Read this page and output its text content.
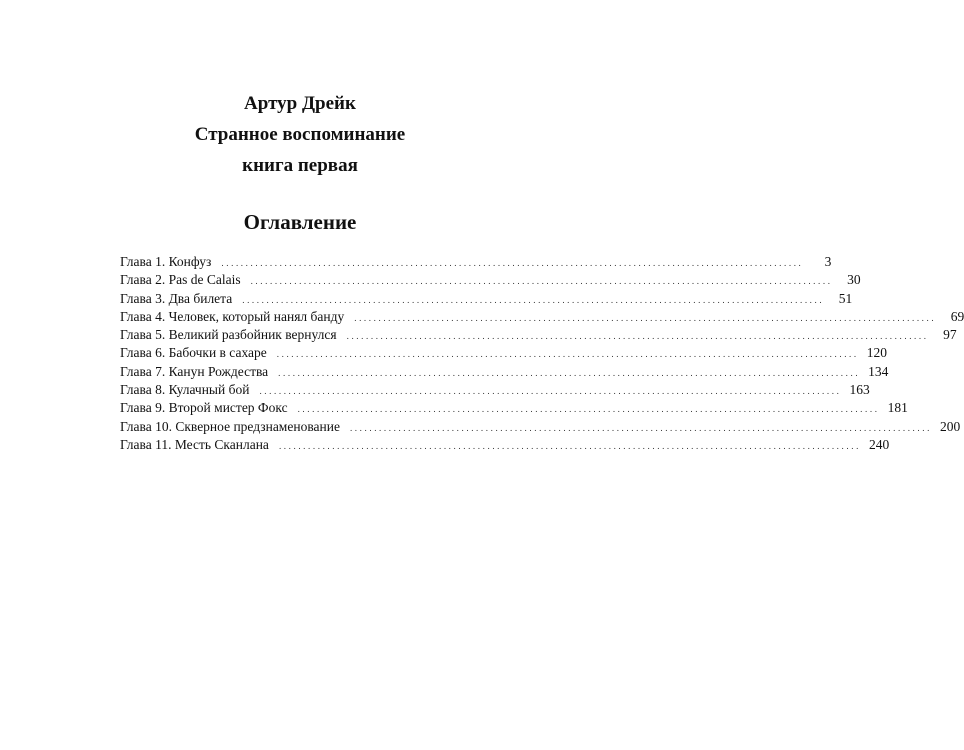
Артур Дрейк

Странное воспоминание

книга первая

Оглавление

Глава 1. Конфуз ........................................................................................................................	3
Глава 2. Pas de Calais ........................................................................................................................	30
Глава 3. Два билета ........................................................................................................................	51
Глава 4. Человек, который нанял банду ........................................................................................................................	69
Глава 5. Великий разбойник вернулся ........................................................................................................................	97
Глава 6. Бабочки в сахаре ........................................................................................................................ 120
Глава 7. Канун Рождества ........................................................................................................................ 134
Глава 8. Кулачный бой ........................................................................................................................ 163
Глава 9. Второй мистер Фокс ........................................................................................................................ 181
Глава 10. Скверное предзнаменование ........................................................................................................................ 200
Глава 11. Месть Сканлана ........................................................................................................................ 240
